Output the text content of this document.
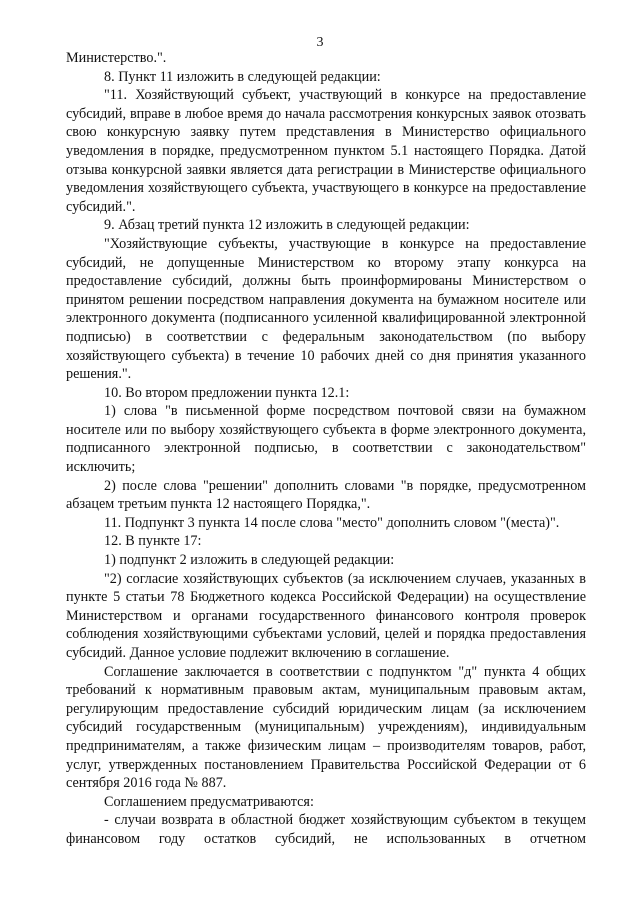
3

Министерство.".

8. Пункт 11 изложить в следующей редакции:

"11. Хозяйствующий субъект, участвующий в конкурсе на предоставление субсидий, вправе в любое время до начала рассмотрения конкурсных заявок отозвать свою конкурсную заявку путем представления в Министерство официального уведомления в порядке, предусмотренном пунктом 5.1 настоящего Порядка. Датой отзыва конкурсной заявки является дата регистрации в Министерстве официального уведомления хозяйствующего субъекта, участвующего в конкурсе на предоставление субсидий.".

9. Абзац третий пункта 12 изложить в следующей редакции:

"Хозяйствующие субъекты, участвующие в конкурсе на предоставление субсидий, не допущенные Министерством ко второму этапу конкурса на предоставление субсидий, должны быть проинформированы Министерством о принятом решении посредством направления документа на бумажном носителе или электронного документа (подписанного усиленной квалифицированной электронной подписью) в соответствии с федеральным законодательством (по выбору хозяйствующего субъекта) в течение 10 рабочих дней со дня принятия указанного решения.".

10. Во втором предложении пункта 12.1:

1) слова "в письменной форме посредством почтовой связи на бумажном носителе или по выбору хозяйствующего субъекта в форме электронного документа, подписанного электронной подписью, в соответствии с законодательством" исключить;

2) после слова "решении" дополнить словами "в порядке, предусмотренном абзацем третьим пункта 12 настоящего Порядка,".

11. Подпункт 3 пункта 14 после слова "место" дополнить словом "(места)".

12. В пункте 17:

1) подпункт 2 изложить в следующей редакции:

"2) согласие хозяйствующих субъектов (за исключением случаев, указанных в пункте 5 статьи 78 Бюджетного кодекса Российской Федерации) на осуществление Министерством и органами государственного финансового контроля проверок соблюдения хозяйствующими субъектами условий, целей и порядка предоставления субсидий. Данное условие подлежит включению в соглашение.

Соглашение заключается в соответствии с подпунктом "д" пункта 4 общих требований к нормативным правовым актам, муниципальным правовым актам, регулирующим предоставление субсидий юридическим лицам (за исключением субсидий государственным (муниципальным) учреждениям), индивидуальным предпринимателям, а также физическим лицам – производителям товаров, работ, услуг, утвержденных постановлением Правительства Российской Федерации от 6 сентября 2016 года № 887.

Соглашением предусматриваются:

- случаи возврата в областной бюджет хозяйствующим субъектом в текущем финансовом году остатков субсидий, не использованных в отчетном
